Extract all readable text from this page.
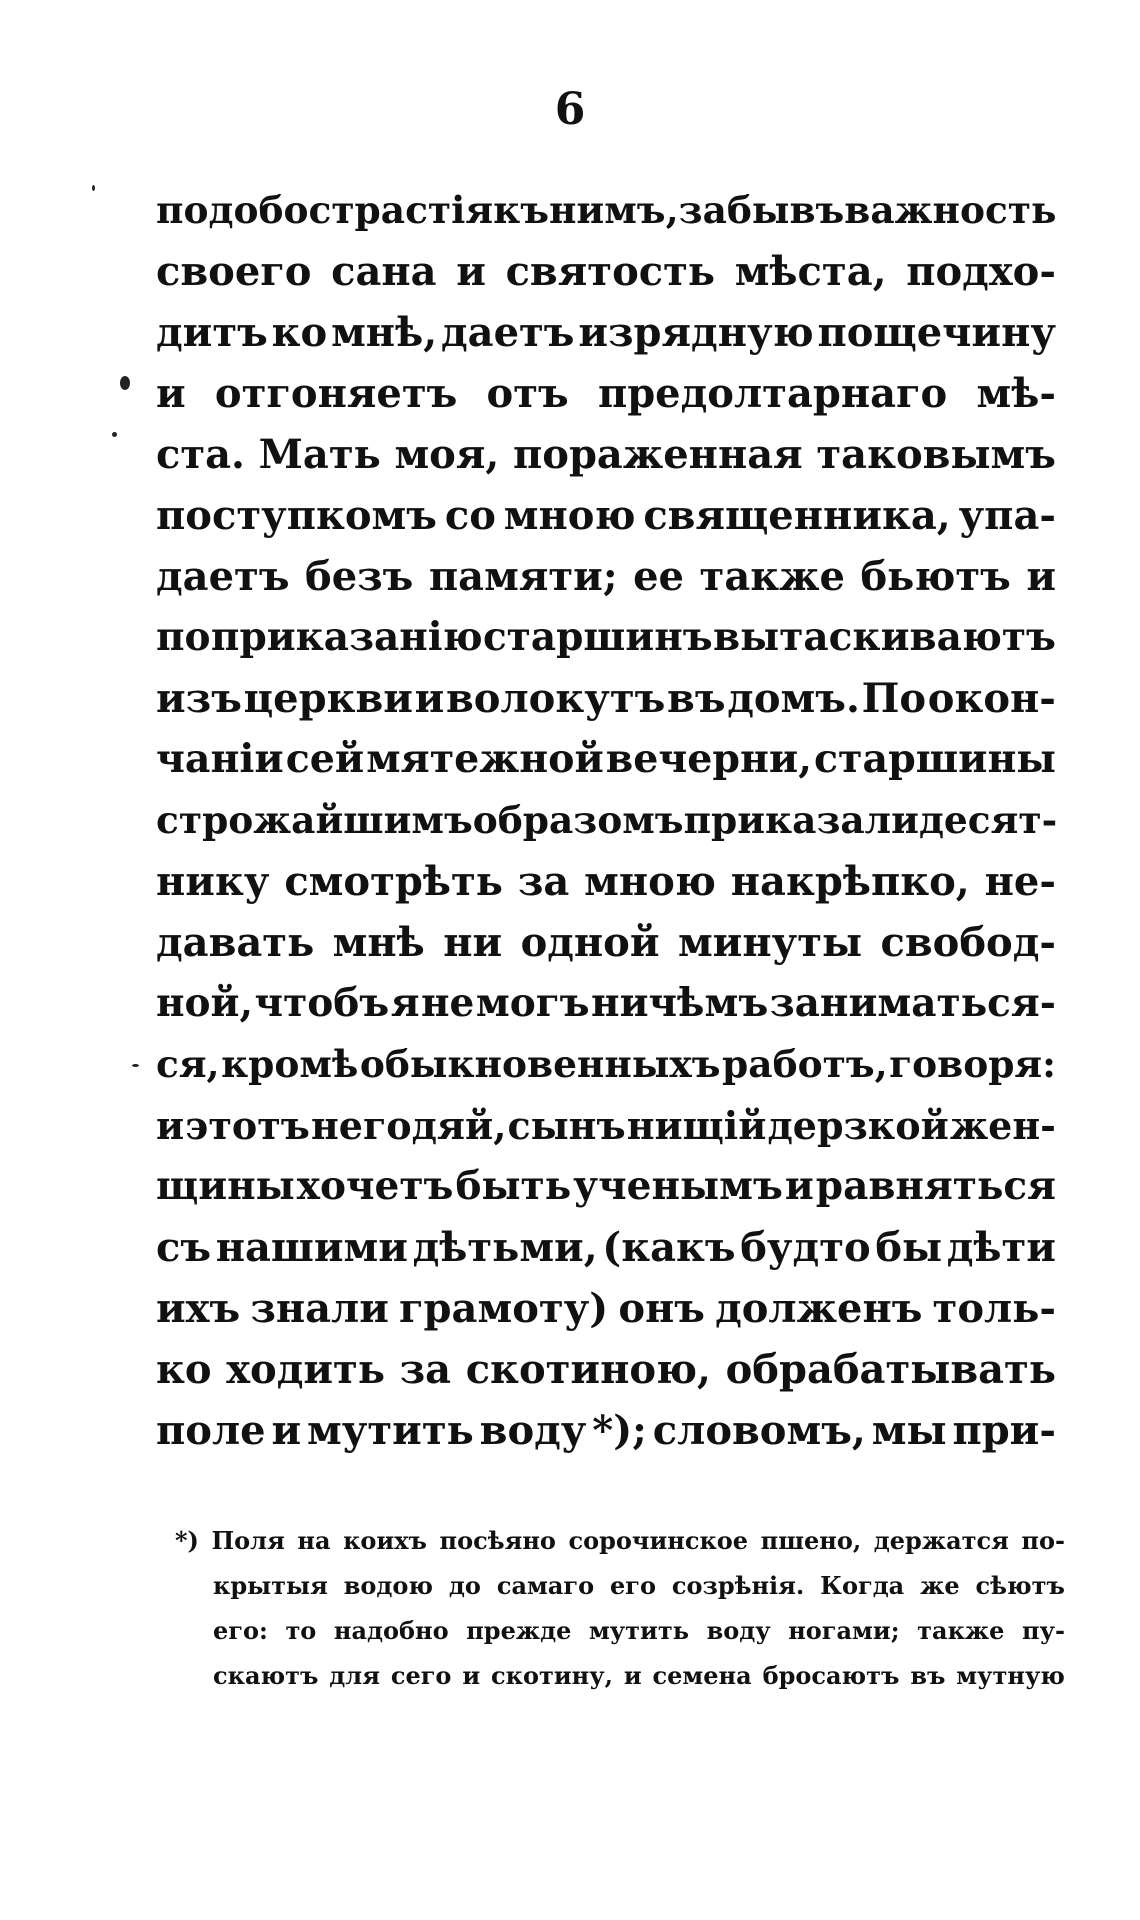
6
подобострастія къ нимъ, забывъ важность
своего сана и святость мѣста, подхо-
дитъ ко мнѣ, даетъ изрядную пощечину
и отгоняетъ отъ предолтарнаго мѣ-
ста. Мать моя, пораженная таковымъ
поступкомъ со мною священника, упа-
даетъ безъ памяти; ее также бьютъ и
по приказанію старшинъ вытаскиваютъ
изъ церкви и волокутъ въ домъ. По окон-
чаніи сей мятежной вечерни, старшины
строжайшимъ образомъ приказали десят-
нику смотрѣть за мною накрѣпко, не-
давать мнѣ ни одной минуты свобод-
ной, чтобъ я не могъ ничѣмъ заниматься-
ся, кромѣ обыкновенныхъ работъ, говоря:
и этотъ негодяй, сынъ нищій дерзкой жен-
щины хочетъ быть ученымъ и равняться
съ нашими дѣтьми, (какъ будто бы дѣти
ихъ знали грамоту) онъ долженъ толь-
ко ходить за скотиною, обрабатывать
поле и мутить воду *); словомъ, мы при-
*) Поля на коихъ посѣяно сорочинское пшено, держатся по-
крытыя водою до самаго его созрѣнія. Когда же сѣютъ
его: то надобно прежде мутить воду ногами; также пу-
скаютъ для сего и скотину, и семена бросаютъ въ мутную
